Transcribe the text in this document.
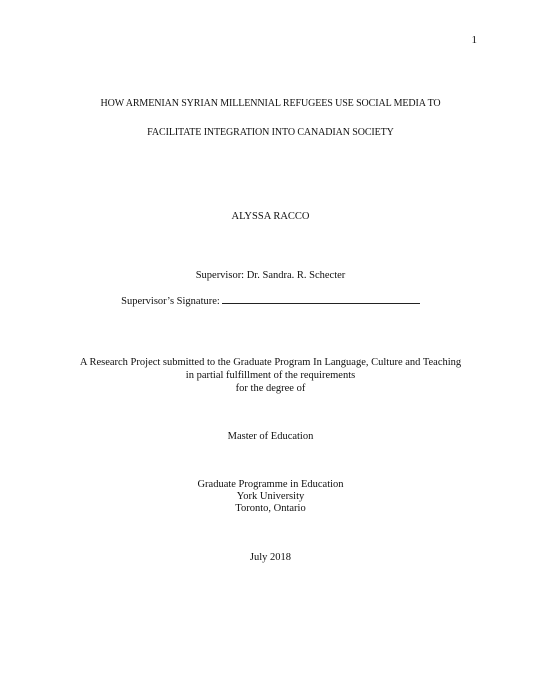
1
HOW ARMENIAN SYRIAN MILLENNIAL REFUGEES USE SOCIAL MEDIA TO
FACILITATE INTEGRATION INTO CANADIAN SOCIETY
ALYSSA RACCO
Supervisor: Dr. Sandra. R. Schecter
Supervisor’s Signature:
A Research Project submitted to the Graduate Program In Language, Culture and Teaching
in partial fulfillment of the requirements
for the degree of
Master of Education
Graduate Programme in Education
York University
Toronto, Ontario
July 2018
